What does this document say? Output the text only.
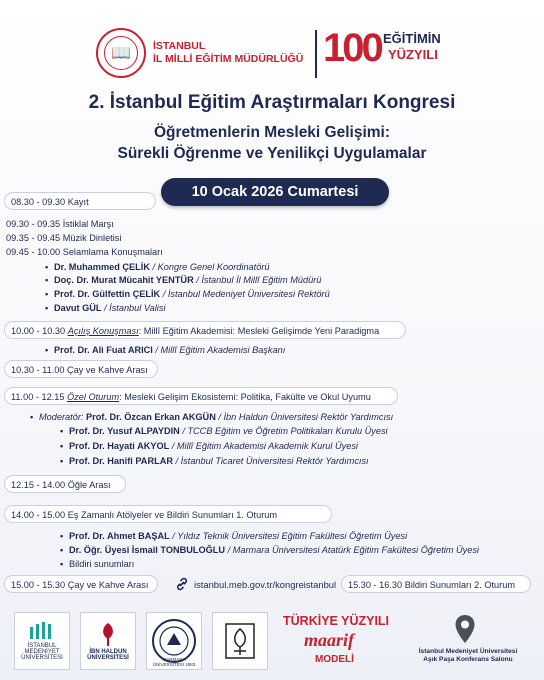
📖	İSTANBUL
İL MİLLİ EĞİTİM MÜDÜRLÜĞÜ 100 EĞİTİMİN
YÜZYILI
2. İstanbul Eğitim Araştırmaları Kongresi
Öğretmenlerin Mesleki Gelişimi:
Sürekli Öğrenme ve Yenilikçi Uygulamalar
10 Ocak 2026 Cumartesi
08.30 - 09.30 Kayıt
09.30 - 09.35 İstiklal Marşı
09.35 - 09.45 Müzik Dinletisi
09.45 - 10.00 Selamlama Konuşmaları
• Dr. Muhammed ÇELİK / Kongre Genel Koordinatörü
• Doç. Dr. Murat Mücahit YENTÜR / İstanbul İl Millî Eğitim Müdürü
• Prof. Dr. Gülfettin ÇELİK / İstanbul Medeniyet Üniversitesi Rektörü
• Davut GÜL / İstanbul Valisi
10.00 - 10.30 Açılış Konuşması: Millî Eğitim Akademisi: Mesleki Gelişimde Yeni Paradigma
• Prof. Dr. Ali Fuat ARICI / Millî Eğitim Akademisi Başkanı
10.30 - 11.00 Çay ve Kahve Arası
11.00 - 12.15 Özel Oturum: Mesleki Gelişim Ekosistemi: Politika, Fakülte ve Okul Uyumu
• Moderatör: Prof. Dr. Özcan Erkan AKGÜN / İbn Haldun Üniversitesi Rektör Yardımcısı
• Prof. Dr. Yusuf ALPAYDIN / TCCB Eğitim ve Öğretim Politikaları Kurulu Üyesi
• Prof. Dr. Hayati AKYOL / Millî Eğitim Akademisi Akademik Kurul Üyesi
• Prof. Dr. Hanifi PARLAR / İstanbul Ticaret Üniversitesi Rektör Yardımcısı
12.15 - 14.00 Öğle Arası
14.00 - 15.00 Eş Zamanlı Atölyeler ve Bildiri Sunumları 1. Oturum
• Prof. Dr. Ahmet BAŞAL / Yıldız Teknik Üniversitesi Eğitim Fakültesi Öğretim Üyesi
• Dr. Öğr. Üyesi İsmail TONBULOĞLU / Marmara Üniversitesi Atatürk Eğitim Fakültesi Öğretim Üyesi
• Bildiri sunumları
15.00 - 15.30 Çay ve Kahve Arası	istanbul.meb.gov.tr/kongreistanbul	15.30 - 16.30 Bildiri Sunumları 2. Oturum
İSTANBUL MEDENİYET ÜNİVERSİTESİ
İBN HALDUN ÜNİVERSİTESİ	MARMARA ÜNİVERSİTESİ 1883
TÜRKİYE YÜZYILI
maarif
MODELİ
İstanbul Medeniyet Üniversitesi
Aşık Paşa Konferans Salonu
